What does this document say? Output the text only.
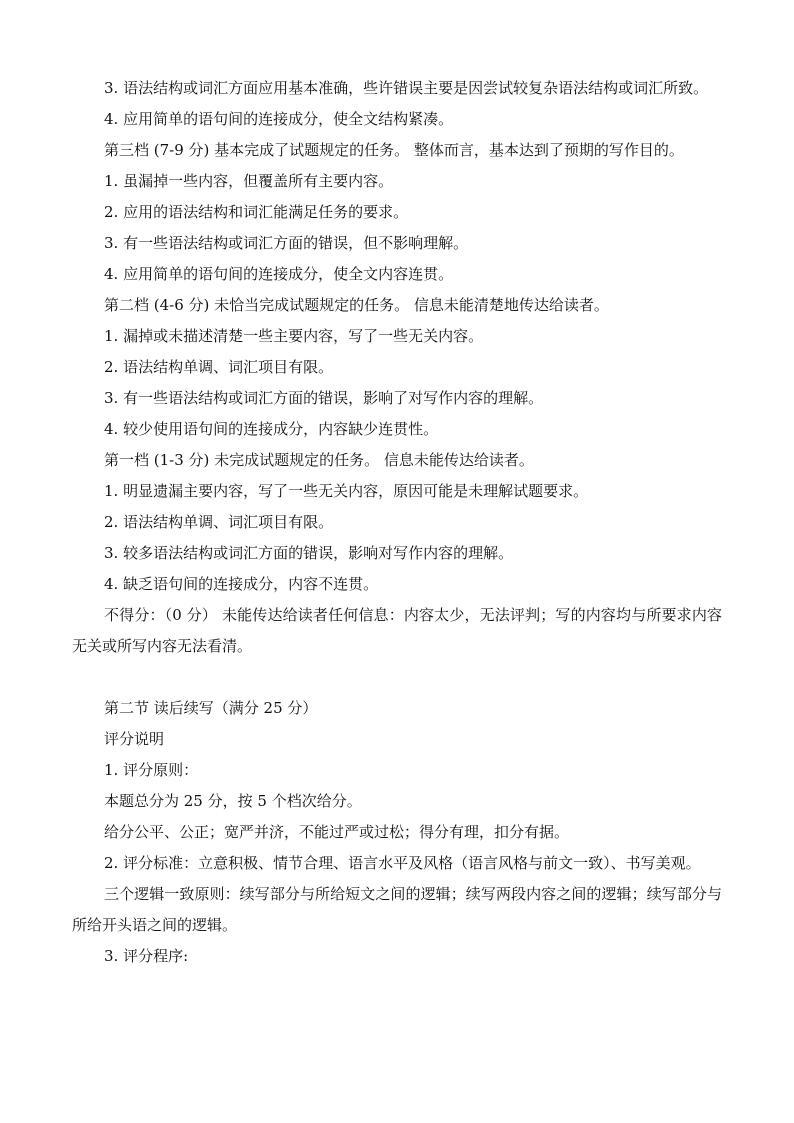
3. 语法结构或词汇方面应用基本准确，些许错误主要是因尝试较复杂语法结构或词汇所致。

4. 应用简单的语句间的连接成分，使全文结构紧凑。

第三档 (7-9 分) 基本完成了试题规定的任务。 整体而言，基本达到了预期的写作目的。

1. 虽漏掉一些内容，但覆盖所有主要内容。

2. 应用的语法结构和词汇能满足任务的要求。

3. 有一些语法结构或词汇方面的错误，但不影响理解。

4. 应用简单的语句间的连接成分，使全文内容连贯。

第二档 (4-6 分) 未恰当完成试题规定的任务。 信息未能清楚地传达给读者。

1. 漏掉或未描述清楚一些主要内容，写了一些无关内容。

2. 语法结构单调、词汇项目有限。

3. 有一些语法结构或词汇方面的错误，影响了对写作内容的理解。

4. 较少使用语句间的连接成分，内容缺少连贯性。

第一档 (1-3 分) 未完成试题规定的任务。 信息未能传达给读者。

1. 明显遗漏主要内容，写了一些无关内容，原因可能是未理解试题要求。

2. 语法结构单调、词汇项目有限。

3. 较多语法结构或词汇方面的错误，影响对写作内容的理解。

4. 缺乏语句间的连接成分，内容不连贯。

不得分：（0 分） 未能传达给读者任何信息：内容太少，无法评判；写的内容均与所要求内容 无关或所写内容无法看清。

第二节 读后续写（满分 25 分）

评分说明

1. 评分原则：

本题总分为 25 分，按 5 个档次给分。

给分公平、公正；宽严并济，不能过严或过松；得分有理，扣分有据。

2. 评分标准：立意积极、情节合理、语言水平及风格（语言风格与前文一致）、书写美观。

三个逻辑一致原则：续写部分与所给短文之间的逻辑；续写两段内容之间的逻辑；续写部分与所给开头语之间的逻辑。

3. 评分程序:
